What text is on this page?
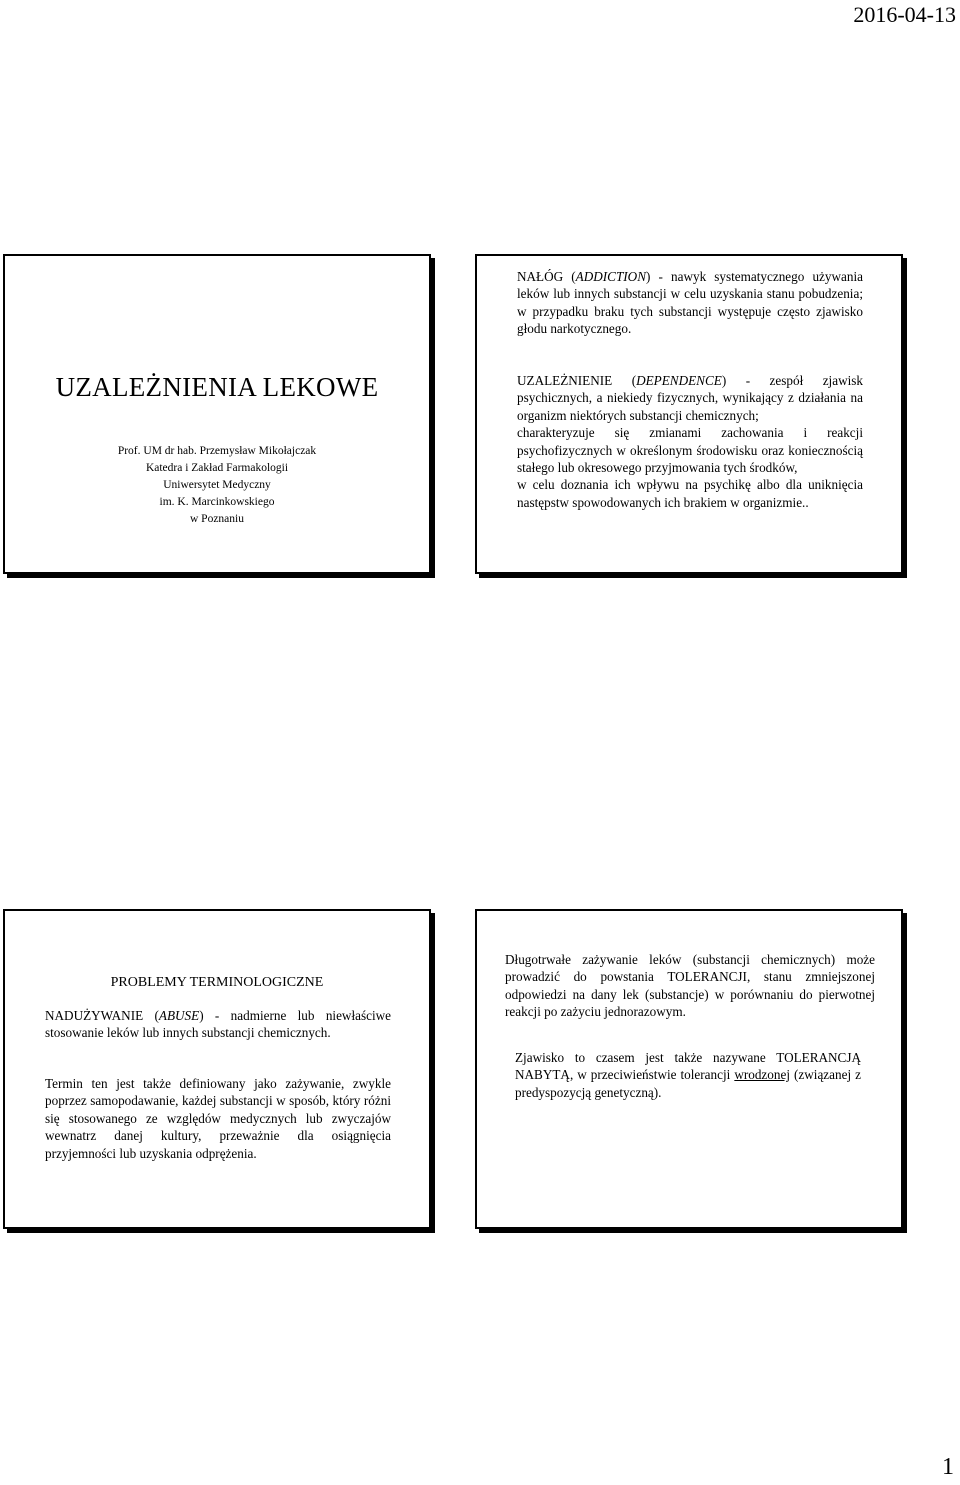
2016-04-13
UZALEŻNIENIA LEKOWE
Prof. UM dr hab. Przemysław Mikołajczak
Katedra i Zakład Farmakologii
Uniwersytet Medyczny
im. K. Marcinkowskiego
w Poznaniu

NAŁÓG (ADDICTION) - nawyk systematycznego używania leków lub innych substancji w celu uzyskania stanu pobudzenia; w przypadku braku tych substancji występuje często zjawisko głodu narkotycznego.

UZALEŻNIENIE (DEPENDENCE) - zespół zjawisk psychicznych, a niekiedy fizycznych, wynikający z działania na organizm niektórych substancji chemicznych;

charakteryzuje się zmianami zachowania i reakcji psychofizycznych w określonym środowisku oraz koniecznością stałego lub okresowego przyjmowania tych środków,

w celu doznania ich wpływu na psychikę albo dla uniknięcia następstw spowodowanych ich brakiem w organizmie..

PROBLEMY TERMINOLOGICZNE

NADUŻYWANIE (ABUSE) - nadmierne lub niewłaściwe stosowanie leków lub innych substancji chemicznych.

Termin ten jest także definiowany jako zażywanie, zwykle poprzez samopodawanie, każdej substancji w sposób, który różni się stosowanego ze względów medycznych lub zwyczajów wewnatrz danej kultury, przeważnie dla osiągnięcia przyjemności lub uzyskania odprężenia.

Długotrwałe zażywanie leków (substancji chemicznych) może prowadzić do powstania TOLERANCJI, stanu zmniejszonej odpowiedzi na dany lek (substancje) w porównaniu do pierwotnej reakcji po zażyciu jednorazowym.

Zjawisko to czasem jest także nazywane TOLERANCJĄ NABYTĄ, w przeciwieństwie tolerancji wrodzonej (związanej z predyspozycją genetyczną).

1
